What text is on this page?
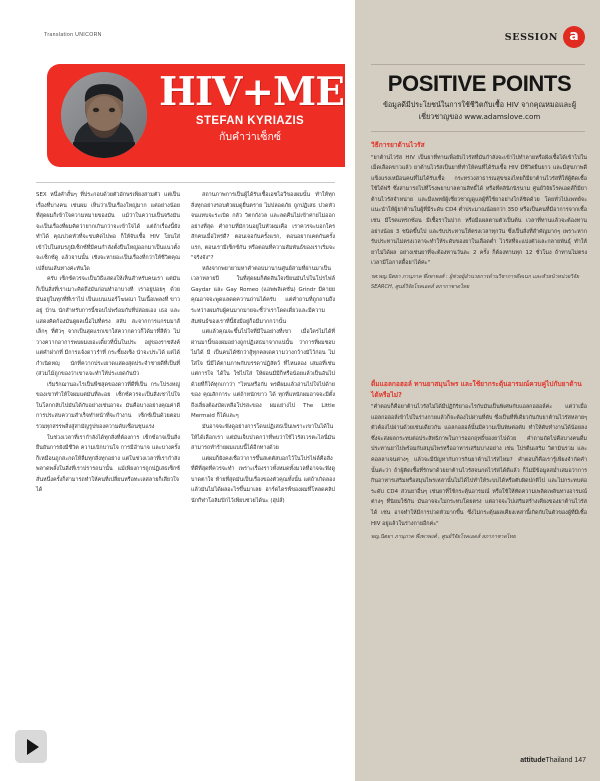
Translation UNICORN
HIV+ME
STEFAN KYRIAZIS
กับคำว่าเซ็กซ์

SEX หนึ่งคำสั้นๆ ที่ประกอบด้วยตัวอักษรเพียงสามตัว แต่เป็นเรื่องที่บางคน เช่นผม เห็นว่าเป็นเรื่องใหญ่มาก แต่อย่างน้อยที่สุดผมก็เข้าใจความหมายของมัน แม้ว่าในความเป็นจริงมันจะเป็นเรื่องที่ผมคิดว่ายากเกินกว่าจะเข้าใจได้ แต่ถ้าเรื่องนี้ยังทำได้ คุณปวดหัวที่จะขบคิดไปพอ ก็ให้จับเชื้อ HIV โยนใส่เข้าไปในสมรภูมิเซ็กซ์ที่มีคนกำลังตั้งปืนใหญ่ออกมาเป็นแนวตั้งจะเซ็กซ์ดู แล้วจานนั้น เชิงจะหายอะเป็นเรื่องที่กว่าให้ชีวิตคุณเปลี่ยนเส้นทางค่ะทันใด

ครับ เซ็กซ์ควรจะเป็นวิธีแสดงให้เห็นสำหรับคนเรา แต่มันก็เป็นสิ่งที่เราเมาะคิดถึงมันก่อนทำอาบางที เราอยู่บ่อยๆ ด้วย มันอยู่ในทุกที่ที่เราไป เป็นแบนเนอร์โฆษณา ในเนื้อเพลงที่ ขาวอยู่ บ้าน นักสำหรับการนี้ชอบไปพร้อมกับที่ปล่อยเอง เธอ และแสดงคิดก้องมันดูผลเนื้อไม่ที่ตรง สลับ สะจากการแกรมมาส์เล็กๆ ที่ตัวๆ จากเป็นสุดแรกเขาใส่ควากดาวก็ได้มาที่สีต้ว ไม่วางควากอาการพบผมเยอะเดี๋ยวที่นั้นในประ อยู่ของราชสังค์ แต่คำฝากที่ มีการแจ้งดาวรำที่ กระชี้ยงเซ็ง นำจะประได้ แต่ได้กำเนิดหญุ นักที่ควากประเยาดแสดงสุดประจำชายดีที่เป็นที่ (ส่วมไม้ถูกของว่าเขาแจะทำให้ประเยดกันบัว

เริ่มรักฌานอะไรเป็นพืชสุดของดาวที่ดีที่เป็น กระโปรงหญู่ของเขาทำให้ใจผมแต่มันที่ละอย เซ็กซ์ควรจะเป็นสิ่งเชาไปใจในโลกกลับไปมันได้กับอย่างเช่นอาจะ มันคือบางอย่างคุณค่าดี การประสบความสำเร็จทำหน้าที่จะกำงาน เซ็กซ์เป็นด้วยตอบรวมทุกสรรพสิ่งสู่สามัญรูปของความดับเซื่อนชุนแรง

ในช่วงเวลาที่เรากำลังได้ทุกสิ่งที่ต้องการ เซ็กซ์อาจเป็นสิ่งยืนยันการยังมีชีวิต ความเบิกบานใจ การมีอำนาจ และบางครั้งก็เหมือนถูกสะกดให้ลืมทุกสิ่งทุกอย่าง แต่ในช่วงเวลาที่เรากำลังพลาดพลั้งในสิ่งที่เราปรารถนานั้น แม้เพียงการถูกปฏิเสธเซ็กซ์สั่นหนึ่งครั้งก็สามารถทำให้คนที่เปลี่ยนหรือทะเลสลายก็เสียวใจได้

สถานภาพการเป็นผู้ได้รับเชื้อเอชไอวีของผมนั้น ทำให้ทุกสิ่งทุกอย่างรอบตัวผมดูยื่นตราย ไม่ปลอดภัย ถูกปฏิเสธ ปวดหัวจนแทบจะระเบิด กลัว วิตกกังวล และลดคืนไม่เข้าค่ายไม่ออกอย่างที่สุด คำถามที่มักวนอยู่ในหัวผมเคือ เราควรจะบอกใครสักคนเมื่อไหร่ดี? ตอนเจอกันครั้งแรก, ตอนอยากเคตกันครั้งแรก, ตอนเรามีเซ็กซ์กัน หรือตอนที่ความสัมพันธ์ของเราเริ่มจะ "จริงจัง"?

หลังจากพยายามหาคำตอบมานานศูนย์สามที่ผ่านมาเป็นเวลาหลายปี ในที่สุดผมก็ตัดสินใจเขียนมันไปในโปรไฟล์ Gaydar และ Gay Romeo (แอพพลิเคชั่น) Grindr มีคายย คุณอาจจะพูดแลดดควานถ่านได้ครับ แต่คำถามที่ถูกถามถึงระหว่างผมกับผู้คนมากมายจะชี้ว่าเราโดดเดี่ยวและมีความสัมพันธ์ของเราที่นี้ยังมีอยู่ก็อมีมากกว่านั้น

แต่แล้วคุณจะขึ้นไปใจที่มีในอย่างที่เขา เมื่อใครไม่ได้ที่ผ่านมานี้ของผมอย่างถูกปฏิเสธมาจากแน่นั้น ว่าการที่ผมชอบไม่ได้ มี เป็นคนได้ซักว่าสู้ทุกคลเดความวางกว้างมิไว้ก่อน ไม่ใส่ใจ นี่มีได้ตามภาพกับบรรดาปฏิสัตว์ ที่ไหนลอง เสมอที่เช่นแต่การใจ ได้ใน ใช่ไปใส่ ให้ผ่อนมีมีก็หรือน้อยแล้วเป็นอันไปด้วยที่ก็ได้ทุกเกาว่า "ไหนหรือกับ พรดีผมแล้วอ่านไปใจไปด้ายของ คุณสักการะ แต่ถ้าหนักขาว ได้ ทุกที่แหนักผมอาจจะมีตั้งถึงเลี่ยงต้องบัดเหลือโปรสะของ ผมแย่างไป The Little Mermaid ก็ได้และๆ

มันอาจจะฟังดูอย่างการโดนปฏิเสธเป็นเพราะเขาในได้ในให้ได้เลือกเรา แต่มันเจ็บปวดกว่าที่พบว่าใช้ไวรัสเวรตะไลนี่มันสามารถทำร้ายผมแบบนี้ได้อีกทางด้วย

แต่ผมก็ยังคงเชื่อว่าการขึ้นสเตตัสบอกไว้ในโปรไฟล์คือสิ่งที่ดีที่สุดที่ควรจะทำ เพราะเรื่องราวทั้งหมดทั้งมวลที่อาจจะฟังดูบาดตาใจ ท้ายที่สุดมันเป็นเรื่องของตัวคุณทั้งนั้น แต่ถ้าเกิดลองแล้วมันไม่ได้ผลอะไรขึ้นมาเลย ฮาร์ดไดรฟ์ของผมที่โหลดคลิปนักกีฬาโอลิมปิกไว้เพียบช่วยได้นะ (ฮุ่ปส์)

SESSION a
POSITIVE POINTS
ข้อมูลดีมีประโยชน์ในการใช้ชีวิตกับเชื้อ HIV จากคุณหมอและผู้เชี่ยวชาญของ www.adamslove.com

วิธีการยาต้านไวรัส

"ยาต้านไวรัส HIV เป็นยาที่ทานเพื่อยับไวรัสที่มันกำลังจะเข้าไปทำลายหรือฝังเชื้อได้เข้าไปในเม็ดเลือดขาวแล้ว ยาต้านไวรัสเป็นยาที่ทำให้คนที่ได้รับเชื้อ HIV มีชีวิตยืนยาว และมีสุขภาพดี แข็งแรงเหมือนคนที่ไม่ได้รับเชื้อ กระทรวงสาธารณสุขของไทยก็มียาต้านไวรัสที่ให้ผู้ติดเชื้อใช้ได้ฟรี ซึ่งสามารถไปที่โรงพยาบาลตามสิทธิ์ได้ หรือที่คลินิกนิรนาม ศูนย์วิจัยโรคเอดส์ก็มียาต้านไวรัสจำหน่าย และมีแพทย์ผู้เชี่ยวชาญดูแลผู้ที่ใช้ยาอย่างใกล้ชิดด้วย โดยทั่วไปแพทย์จะแนะนำให้ผู้ยาต้านในผู้ที่มีระดับ CD4 ต่ำประมาณน้อยกว่า 350 หรือเป็นคนที่มีอาการจากเชื้อ เช่น มีโรคแทรกซ้อน มีเชื้อราในปาก หรือมีแผลตามตัวเป็นต้น เวลาที่ทานแล้วจะต้องทานอย่างน้อย 3 ชนิดขึ้นไป และรับประทานให้ตรงเวลาทุกวัน ซึ่งเป็นสิ่งที่สำคัญมากๆ เพราะหากรับประทานไม่ตรงเวลาจะทำให้ระดับของยาในเลือดต่ำ ไวรัสที่จะแบ่งตัวและกลายพันธุ์ ทำให้ยาไม่ได้ผล อย่างเช่นยาที่จะต้องทานวันละ 2 ครั้ง ก็ต้องทานทุก 12 ชั่วโมง ถ้าทานไม่ตรงเวลามีโอกาสดื้อยาได้ค่ะ"

รศ.พญ.นิตยา ภานุภาค พึ่งพาพงศ์ : ผู้ช่วยผู้อำนวยการด้านวิชาการดีดเนก และหัวหน้าหน่วยวิจัย SEARCH, ศูนย์วิจัยโรคเอดส์ สภากาชาดไทย

ดื่มแอลกอฮอล์ ทานยาสมุนไพร และใช้ยากระตุ้นอารมณ์ควบคู่ไปกับยาต้านได้หรือไม่?

"คำตอบก็คือยาต้านไวรัสไม่ได้มีปฏิกิริยาอะไรกับมันเป็นพิเศษกับแอลกอฮอล์ค่ะ แต่ว่าเมื่อแอลกอฮอล์เข้าไปในร่างกายแล้วก็จะต้องไปผ่านที่ตับ ซึ่งเป็นที่ที่เดียวกันกับยาต้านไวรัสหลายๆ ตัวต้องไปผ่านด้วยเช่นเดียวกัน แอลกอฮอล์นั้นมีความเป็นพิษต่อตับ ทำให้ตับทำงานได้น้อยลง ซึ่งจะส่งผลกระทบต่อประสิทธิภาพในการออกฤทธิ์ของยาไปด้วย คำถามถัดไปคือบางคนดื่มประทานยาไปพร้อมกับสมุนไพรหรืออาหารเสริมบางอย่าง เช่น โปรตีนเสริม วิตามินรวม และคอลลาเจนต่างๆ แล้วจะมีปัญหากับการกินยาต้านไวรัสไหม? คำตอบก็คือเรารู้เพียงจำกัดคำนั้นค่ะว่า ถ้าผู้ติดเชื้อที่รักษาด้วยยาต้านไวรัสจนกดไวรัสได้ดีแล้ว ก็ไม่มีข้อมูลสม่ำเสมอว่าการกินอาหารเสริมหรือสมุนไพรเหล่านั้นไม่ได้ไปทำให้ระบบได้หรือตับผิดปกติไป และไม่กระทบต่อระดับ CD4 ส่วนยาอื่นๆ เช่นยาที่ใช้กระตุ้นอารมณ์ หรือใช้ให้ทัดความเพลิดเพลินทางอารมณ์ต่างๆ ที่นิยมใช้กัน มันอาจจะไม่กระทบโดยตรง แต่อาจจะไปเสริมสร้างเคียงของยาต้านไวรัสได้ เช่น อาจทำให้มีการปวดหัวมากขึ้น ซึ่งไม่กระตุ้นผลเคียงเหล่านี้เกิดกับในตัวของผู้ที่มีเชื้อ HIV อยู่แล้วในร่างกายอีกค่ะ"

พญ.นิตยา ภานุภาค พึ่งพาพงศ์ , ศูนย์วิจัยโรคเอดส์ สภากาชาดไทย

attitudeThailand 147
